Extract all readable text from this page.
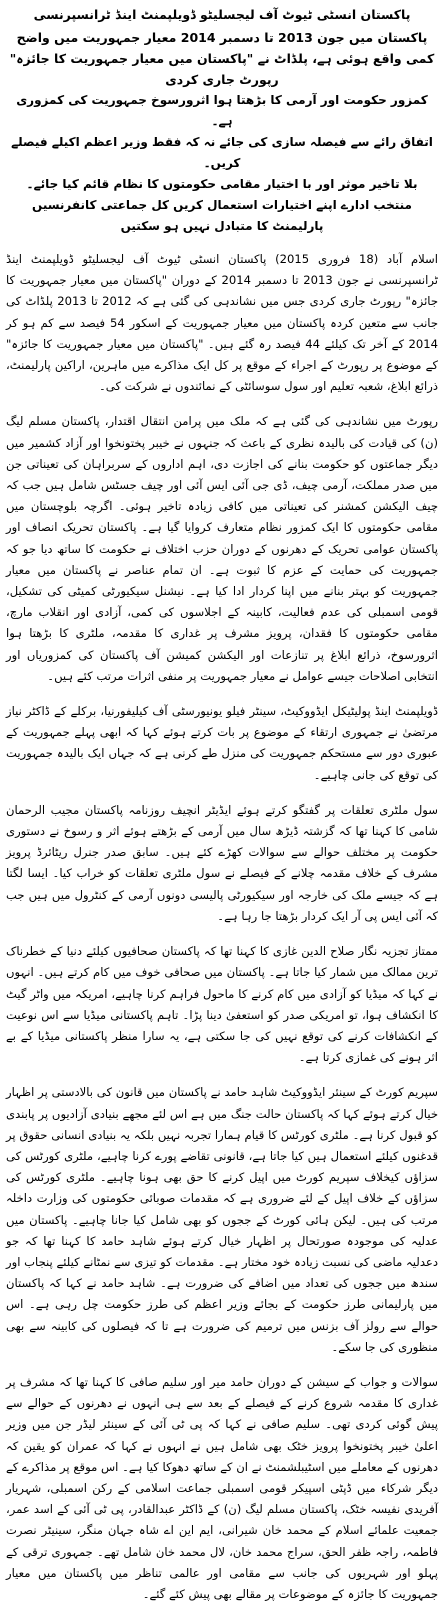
پاکستان انسٹی ٹیوٹ آف لیجسلیٹو ڈویلپمنٹ اینڈ ٹرانسپرنسی

پاکستان میں جون 2013 تا دسمبر 2014 معیار جمہوریت میں واضح کمی واقع ہوئی ہے، پلڈاٹ نے "پاکستان میں معیار جمہوریت کا جائزہ" رپورٹ جاری کردی

کمزور حکومت اور آرمی کا بڑھتا ہوا اثرورسوخ جمہوریت کی کمزوری ہے۔

اتفاق رائے سے فیصلہ سازی کی جائے نہ کہ فقط وزیر اعظم اکیلے فیصلے کریں۔

بلا تاخیر موثر اور با اختیار مقامی حکومتوں کا نظام قائم کیا جائے۔

منتخب ادارے اپنے اختیارات استعمال کریں کل جماعتی کانفرنسیں پارلیمنٹ کا متبادل نہیں ہو سکتیں

اسلام آباد (18 فروری 2015) پاکستان انسٹی ٹیوٹ آف لیجسلیٹو ڈویلپمنٹ اینڈ ٹرانسپرنسی نے جون 2013 تا دسمبر 2014 کے دوران "پاکستان میں معیار جمہوریت کا جائزہ" رپورٹ جاری کردی جس میں نشاندہی کی گئی ہے کہ 2012 تا 2013 پلڈاٹ کی جانب سے متعین کردہ پاکستان میں معیار جمہوریت کے اسکور 54 فیصد سے کم ہو کر 2014 کے آخر تک کیلئے 44 فیصد رہ گئے ہیں۔ "پاکستان میں معیار جمہوریت کا جائزہ" کے موضوع پر رپورٹ کے اجراء کے موقع پر کل ایک مذاکرے میں ماہرین، اراکین پارلیمنٹ، ذرائع ابلاغ، شعبہ تعلیم اور سول سوسائٹی کے نمائندوں نے شرکت کی۔

رپورٹ میں نشاندہی کی گئی ہے کہ ملک میں پرامن انتقال اقتدار، پاکستان مسلم لیگ (ن) کی قیادت کی بالیدہ نظری کے باعث کہ جنہوں نے خیبر پختونخوا اور آزاد کشمیر میں دیگر جماعتوں کو حکومت بنانے کی اجازت دی، اہم اداروں کے سربراہان کی تعیناتی جن میں صدر مملکت، آرمی چیف، ڈی جی آئی ایس آئی اور چیف جسٹس شامل ہیں جب کہ چیف الیکشن کمشنر کی تعیناتی میں کافی زیادہ تاخیر ہوئی۔ اگرچہ بلوچستان میں مقامی حکومتوں کا ایک کمزور نظام متعارف کروایا گیا ہے۔ پاکستان تحریک انصاف اور پاکستان عوامی تحریک کے دھرنوں کے دوران حزب اختلاف نے حکومت کا ساتھ دیا جو کہ جمہوریت کی حمایت کے عزم کا ثبوت ہے۔ ان تمام عناصر نے پاکستان میں معیار جمہوریت کو بہتر بنانے میں اپنا کردار ادا کیا ہے۔ نیشنل سیکیورٹی کمیٹی کی تشکیل، قومی اسمبلی کی عدم فعالیت، کابینہ کے اجلاسوں کی کمی، آزادی اور انقلاب مارچ، مقامی حکومتوں کا فقدان، پرویز مشرف پر غداری کا مقدمہ، ملٹری کا بڑھتا ہوا اثرورسوخ، ذرائع ابلاغ پر تنازعات اور الیکشن کمیشن آف پاکستان کی کمزوریاں اور انتخابی اصلاحات جیسے عوامل نے معیار جمہوریت پر منفی اثرات مرتب کئے ہیں۔

ڈویلپمنٹ اینڈ پولیٹیکل ایڈووکیٹ، سینٹر فیلو یونیورسٹی آف کیلیفورنیا، برکلے کے ڈاکٹر نیاز مرتضیٰ نے جمہوری ارتقاء کے موضوع پر بات کرتے ہوئے کہا کہ ابھی پہلے جمہوریت کے عبوری دور سے مستحکم جمہوریت کی منزل طے کرنی ہے کہ جہاں ایک بالیدہ جمہوریت کی توقع کی جانی چاہیے۔

سول ملٹری تعلقات پر گفتگو کرتے ہوئے ایڈیٹر انچیف روزنامہ پاکستان مجیب الرحمان شامی کا کہنا تھا کہ گزشتہ ڈیڑھ سال میں آرمی کے بڑھتے ہوئے اثر و رسوخ نے دستوری حکومت پر مختلف حوالے سے سوالات کھڑے کئے ہیں۔ سابق صدر جنرل ریٹائرڈ پرویز مشرف کے خلاف مقدمہ چلانے کے فیصلے نے سول ملٹری تعلقات کو خراب کیا۔ ایسا لگتا ہے کہ جیسے ملک کی خارجہ اور سیکیورٹی پالیسی دونوں آرمی کے کنٹرول میں ہیں جب کہ آئی ایس پی آر ایک کردار بڑھتا جا رہا ہے۔

ممتاز تجزیہ نگار صلاح الدین غازی کا کہنا تھا کہ پاکستان صحافیوں کیلئے دنیا کے خطرناک ترین ممالک میں شمار کیا جاتا ہے۔ پاکستان میں صحافی خوف میں کام کرتے ہیں۔ انہوں نے کہا کہ میڈیا کو آزادی میں کام کرنے کا ماحول فراہم کرنا چاہیے، امریکہ میں واٹر گیٹ کا انکشاف ہوا، تو امریکی صدر کو استعفیٰ دینا پڑا۔ تاہم پاکستانی میڈیا سے اس نوعیت کے انکشافات کرنے کی توقع نہیں کی جا سکتی ہے، یہ سارا منظر پاکستانی میڈیا کے بے اثر ہونے کی غمازی کرتا ہے۔

سپریم کورٹ کے سینئر ایڈووکیٹ شاہد حامد نے پاکستان میں قانون کی بالادستی پر اظہار خیال کرتے ہوئے کہا کہ پاکستان حالت جنگ میں ہے اس لئے مجھے بنیادی آزادیوں پر پابندی کو قبول کرنا ہے۔ ملٹری کورٹس کا قیام ہمارا تجربہ نہیں بلکہ یہ بنیادی انسانی حقوق پر قدغنوں کیلئے استعمال ہیں کیا جاتا ہے، قانونی تقاضے پورے کرنا چاہیے، ملٹری کورٹس کی سزاؤں کیخلاف سپریم کورٹ میں اپیل کرنے کا حق بھی ہونا چاہیے۔ ملٹری کورٹس کی سزاؤں کے خلاف اپیل کے لئے ضروری ہے کہ مقدمات صوبائی حکومتوں کی وزارت داخلہ مرتب کی ہیں۔ لیکن ہائی کورٹ کے ججوں کو بھی شامل کیا جانا چاہیے۔ پاکستان میں عدلیہ کی موجودہ صورتحال پر اظہار خیال کرتے ہوئے شاہد حامد کا کہنا تھا کہ جو دعدلیہ ماضی کی نسبت زیادہ خود مختار ہے۔ مقدمات کو تیزی سے نمٹانے کیلئے پنجاب اور سندھ میں ججوں کی تعداد میں اضافے کی ضرورت ہے۔ شاہد حامد نے کہا کہ پاکستان میں پارلیمانی طرز حکومت کے بجائے وزیر اعظم کی طرز حکومت چل رہی ہے۔ اس حوالے سے رولز آف بزنس میں ترمیم کی ضرورت ہے تا کہ فیصلوں کی کابینہ سے بھی منظوری کی جا سکے۔

سوالات و جواب کے سیشن کے دوران حامد میر اور سلیم صافی کا کہنا تھا کہ مشرف پر غداری کا مقدمہ شروع کرنے کے فیصلے کے بعد سے ہی انہوں نے دھرنوں کے حوالے سے پیش گوئی کردی تھی۔ سلیم صافی نے کہا کہ پی ٹی آئی کے سینئر لیڈر جن میں وزیر اعلیٰ خیبر پختونخوا پرویز خٹک بھی شامل ہیں نے انہوں نے کہا کہ عمران کو یقین کہ دھرنوں کے معاملے میں اسٹیبلشمنٹ نے ان کے ساتھ دھوکا کیا ہے۔ اس موقع پر مذاکرے کے دیگر شرکاء میں ڈپٹی اسپیکر قومی اسمبلی جماعت اسلامی کے رکن اسمبلی، شہریار آفریدی نفیسہ خٹک، پاکستان مسلم لیگ (ن) کے ڈاکٹر عبدالقادر، پی ٹی آئی کے اسد عمر، جمعیت علمائے اسلام کے محمد خان شیرانی، ایم این اے شاہ جہان منگر، سینیٹر نصرت فاطمہ، راجہ ظفر الحق، سراج محمد خان، لال محمد خان شامل تھے۔ جمہوری ترقی کے پہلو اور شہریوں کی جانب سے مقامی اور عالمی تناظر میں پاکستان میں معیار جمہوریت کا جائزہ کے موضوعات پر مقالے بھی پیش کئے گئے۔
